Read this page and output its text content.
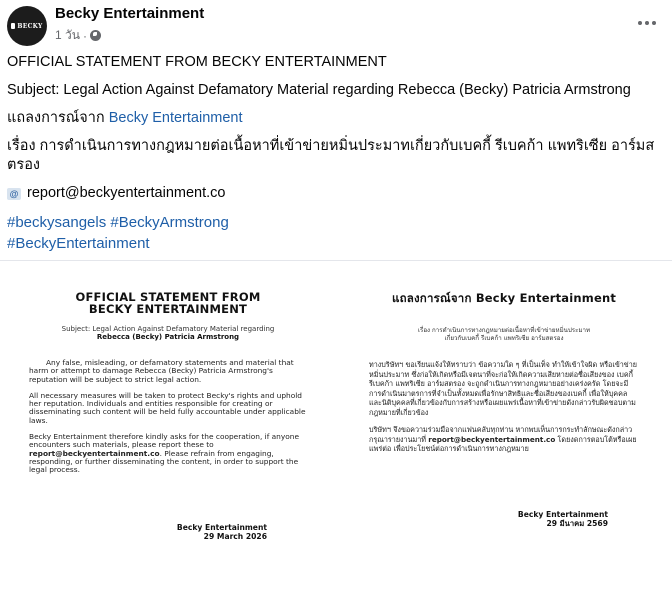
BECKY
Becky Entertainment
1 วัน ·
OFFICIAL STATEMENT FROM BECKY ENTERTAINMENT
Subject: Legal Action Against Defamatory Material regarding Rebecca (Becky) Patricia Armstrong
แถลงการณ์จาก Becky Entertainment
เรื่อง การดำเนินการทางกฎหมายต่อเนื้อหาที่เข้าข่ายหมิ่นประมาทเกี่ยวกับเบคกี้ รีเบคก้า แพทริเซีย อาร์มสตรอง
@ report@beckyentertainment.co
#beckysangels #BeckyArmstrong
#BeckyEntertainment
OFFICIAL STATEMENT FROM
BECKY ENTERTAINMENT
Subject: Legal Action Against Defamatory Material regarding
Rebecca (Becky) Patricia Armstrong

Any false, misleading, or defamatory statements and material that harm or attempt to damage Rebecca (Becky) Patricia Armstrong's reputation will be subject to strict legal action.

All necessary measures will be taken to protect Becky's rights and uphold her reputation. Individuals and entities responsible for creating or disseminating such content will be held fully accountable under applicable laws.

Becky Entertainment therefore kindly asks for the cooperation, if anyone encounters such materials, please report these to report@beckyentertainment.co. Please refrain from engaging, responding, or further disseminating the content, in order to support the legal process.

Becky Entertainment
29 March 2026
แถลงการณ์จาก Becky Entertainment
เรื่อง การดำเนินการทางกฎหมายต่อเนื้อหาที่เข้าข่ายหมิ่นประมาท
เกี่ยวกับเบคกี้ รีเบคก้า แพทริเซีย อาร์มสตรอง

ทางบริษัทฯ ขอเรียนแจ้งให้ทราบว่า ข้อความใด ๆ ที่เป็นเท็จ ทำให้เข้าใจผิด หรือเข้าข่ายหมิ่นประมาท ซึ่งก่อให้เกิดหรือมีเจตนาที่จะก่อให้เกิดความเสียหายต่อชื่อเสียงของ เบคกี้ รีเบคก้า แพทริเซีย อาร์มสตรอง จะถูกดำเนินการทางกฎหมายอย่างเคร่งครัด โดยจะมีการดำเนินมาตรการที่จำเป็นทั้งหมดเพื่อรักษาสิทธิและชื่อเสียงของเบคกี้ เพื่อให้บุคคลและนิติบุคคลที่เกี่ยวข้องกับการสร้างหรือเผยแพร่เนื้อหาที่เข้าข่ายดังกล่าวรับผิดชอบตามกฎหมายที่เกี่ยวข้อง

บริษัทฯ จึงขอความร่วมมือจากแฟนคลับทุกท่าน หากพบเห็นการกระทำลักษณะดังกล่าว กรุณารายงานมาที่ report@beckyentertainment.co โดยงดการตอบโต้หรือเผยแพร่ต่อ เพื่อประโยชน์ต่อการดำเนินการทางกฎหมาย

Becky Entertainment
29 มีนาคม 2569
